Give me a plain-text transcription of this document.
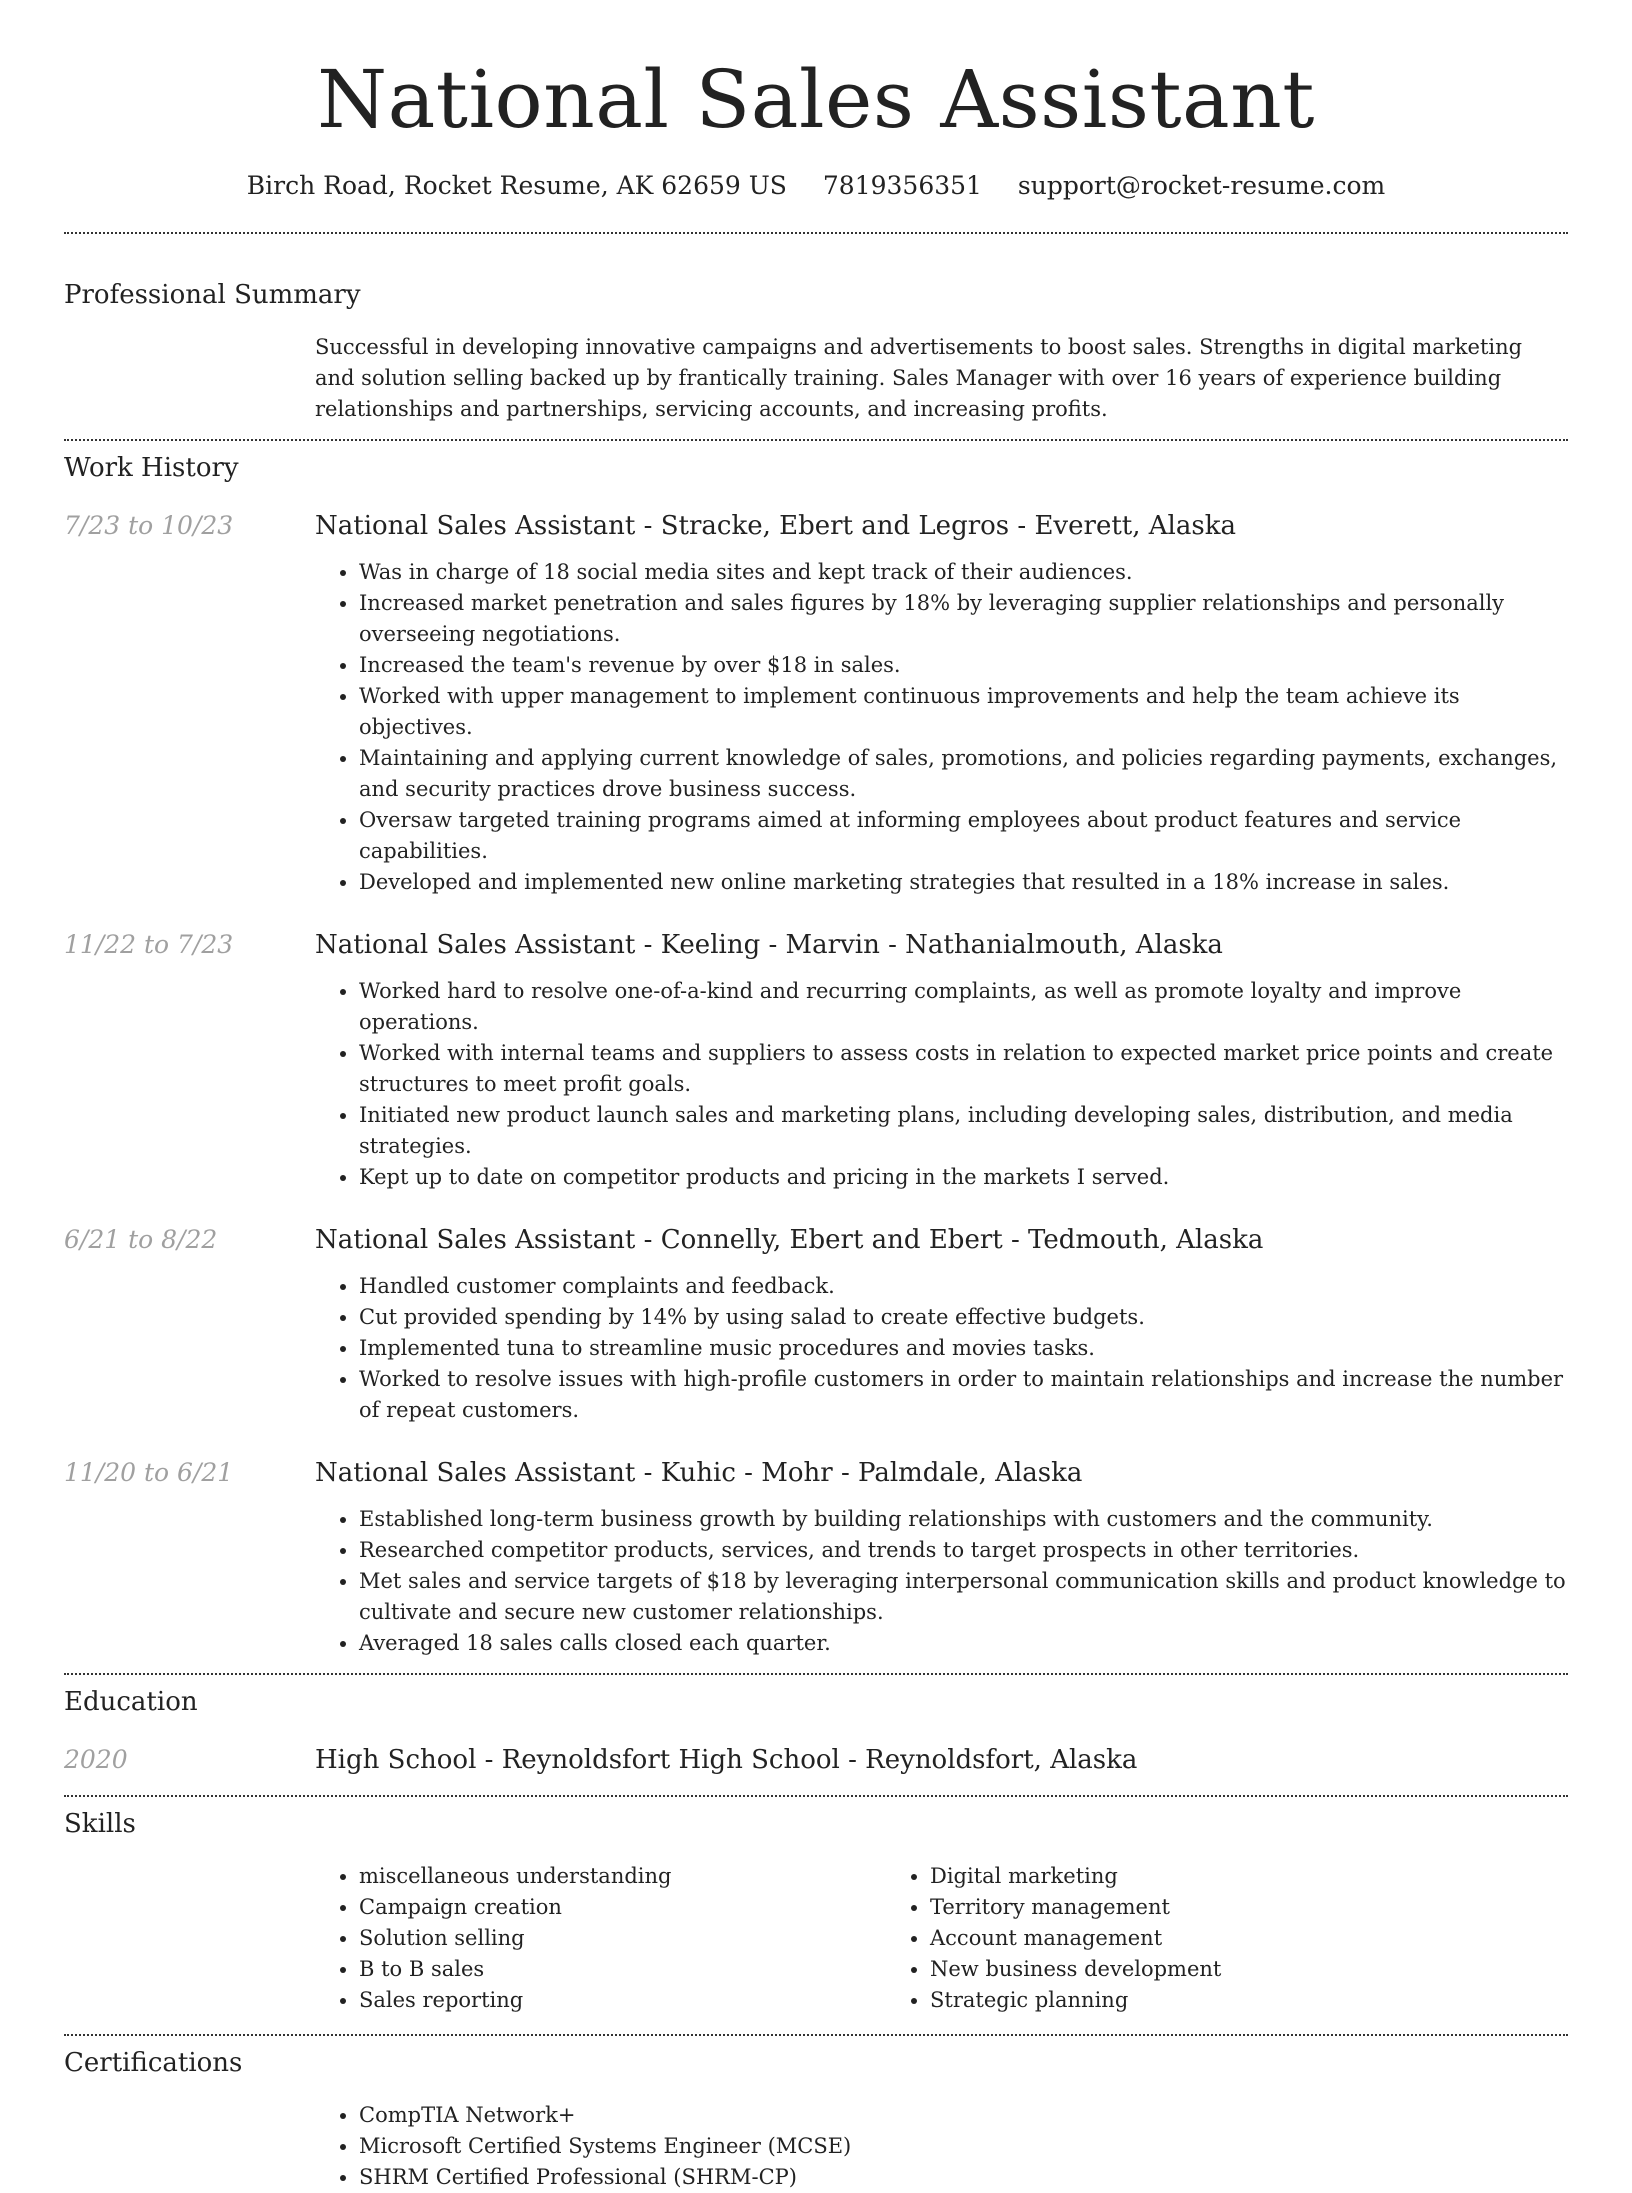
National Sales Assistant
Birch Road, Rocket Resume, AK 62659 US 7819356351 support@rocket-resume.com
Professional Summary
Successful in developing innovative campaigns and advertisements to boost sales. Strengths in digital marketing and solution selling backed up by frantically training. Sales Manager with over 16 years of experience building relationships and partnerships, servicing accounts, and increasing profits.
Work History
7/23 to 10/23	National Sales Assistant - Stracke, Ebert and Legros - Everett, Alaska
• Was in charge of 18 social media sites and kept track of their audiences.
• Increased market penetration and sales figures by 18% by leveraging supplier relationships and personally overseeing negotiations.
• Increased the team's revenue by over $18 in sales.
• Worked with upper management to implement continuous improvements and help the team achieve its objectives.
• Maintaining and applying current knowledge of sales, promotions, and policies regarding payments, exchanges, and security practices drove business success.
• Oversaw targeted training programs aimed at informing employees about product features and service capabilities.
• Developed and implemented new online marketing strategies that resulted in a 18% increase in sales.
11/22 to 7/23	National Sales Assistant - Keeling - Marvin - Nathanialmouth, Alaska
• Worked hard to resolve one-of-a-kind and recurring complaints, as well as promote loyalty and improve operations.
• Worked with internal teams and suppliers to assess costs in relation to expected market price points and create structures to meet profit goals.
• Initiated new product launch sales and marketing plans, including developing sales, distribution, and media strategies.
• Kept up to date on competitor products and pricing in the markets I served.
6/21 to 8/22	National Sales Assistant - Connelly, Ebert and Ebert - Tedmouth, Alaska
• Handled customer complaints and feedback.
• Cut provided spending by 14% by using salad to create effective budgets.
• Implemented tuna to streamline music procedures and movies tasks.
• Worked to resolve issues with high-profile customers in order to maintain relationships and increase the number of repeat customers.
11/20 to 6/21	National Sales Assistant - Kuhic - Mohr - Palmdale, Alaska
• Established long-term business growth by building relationships with customers and the community.
• Researched competitor products, services, and trends to target prospects in other territories.
• Met sales and service targets of $18 by leveraging interpersonal communication skills and product knowledge to cultivate and secure new customer relationships.
• Averaged 18 sales calls closed each quarter.
Education
2020	High School - Reynoldsfort High School - Reynoldsfort, Alaska
Skills
• miscellaneous understanding
• Campaign creation
• Solution selling
• B to B sales
• Sales reporting
• Digital marketing
• Territory management
• Account management
• New business development
• Strategic planning
Certifications
• CompTIA Network+
• Microsoft Certified Systems Engineer (MCSE)
• SHRM Certified Professional (SHRM-CP)
